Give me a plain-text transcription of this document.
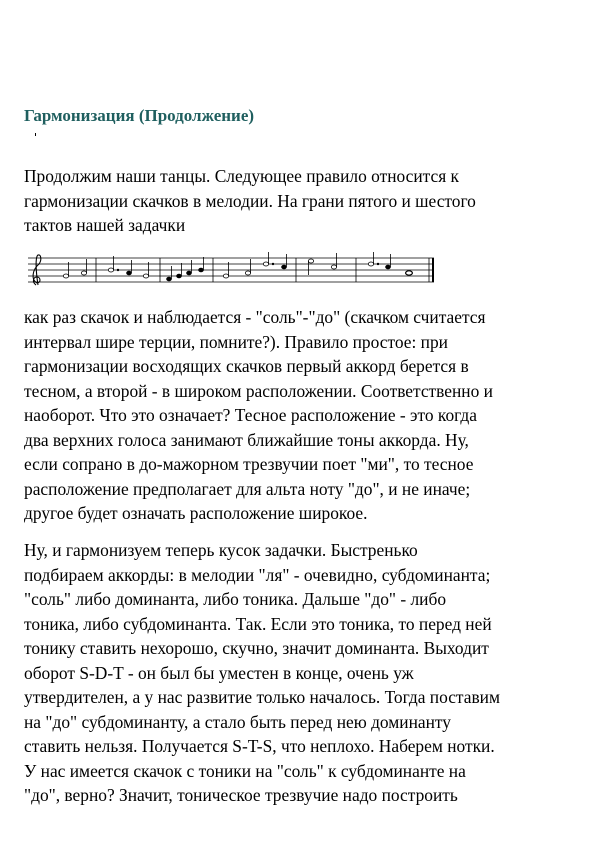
Гармонизация (Продолжение)

Продолжим наши танцы. Следующее правило относится к
гармонизации скачков в мелодии. На грани пятого и шестого
тактов нашей задачки

как раз скачок и наблюдается - "соль"-"до" (скачком считается
интервал шире терции, помните?). Правило простое: при
гармонизации восходящих скачков первый аккорд берется в
тесном, а второй - в широком расположении. Соответственно и
наоборот. Что это означает? Тесное расположение - это когда
два верхних голоса занимают ближайшие тоны аккорда. Ну,
если сопрано в до-мажорном трезвучии поет "ми", то тесное
расположение предполагает для альта ноту "до", и не иначе;
другое будет означать расположение широкое.

Ну, и гармонизуем теперь кусок задачки. Быстренько
подбираем аккорды: в мелодии "ля" - очевидно, субдоминанта;
"соль" либо доминанта, либо тоника. Дальше "до" - либо
тоника, либо субдоминанта. Так. Если это тоника, то перед ней
тонику ставить нехорошо, скучно, значит доминанта. Выходит
оборот S-D-T - он был бы уместен в конце, очень уж
утвердителен, а у нас развитие только началось. Тогда поставим
на "до" субдоминанту, а стало быть перед нею доминанту
ставить нельзя. Получается S-T-S, что неплохо. Наберем нотки.
У нас имеется скачок с тоники на "соль" к субдоминанте на
"до", верно? Значит, тоническое трезвучие надо построить
